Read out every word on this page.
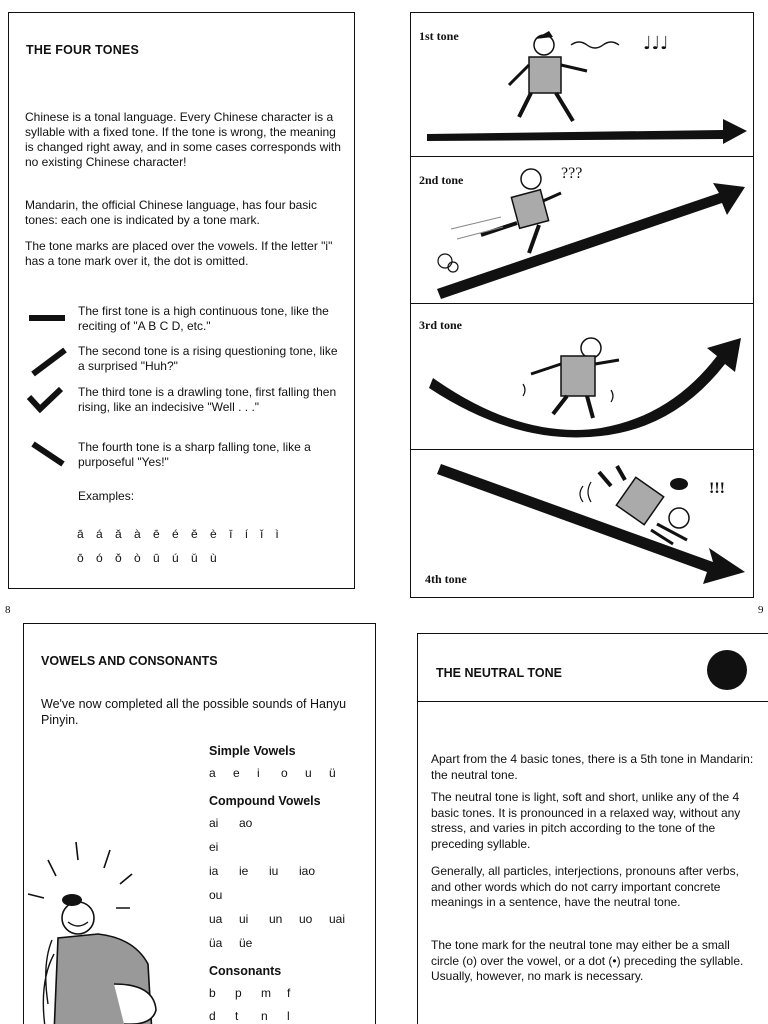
THE FOUR TONES
Chinese is a tonal language. Every Chinese character is a syllable with a fixed tone. If the tone is wrong, the meaning is changed right away, and in some cases corresponds with no existing Chinese character!
Mandarin, the official Chinese language, has four basic tones: each one is indicated by a tone mark.
The tone marks are placed over the vowels. If the letter "i" has a tone mark over it, the dot is omitted.
The first tone is a high continuous tone, like the reciting of "A B C D, etc."
The second tone is a rising questioning tone, like a surprised "Huh?"
The third tone is a drawling tone, first falling then rising, like an indecisive "Well . . ."
The fourth tone is a sharp falling tone, like a purposeful "Yes!"
Examples:
ā á ǎ à ē é ě è ī í ǐ ì
ō ó ǒ ò ū ú ǔ ù
1st tone	♩♩♩
2nd tone	???
3rd tone
4th tone
!!!
8	9
VOWELS AND CONSONANTS
We've now completed all the possible sounds of Hanyu Pinyin.
Simple Vowels
a e i o u ü
Compound Vowels
ai ao
ei
ia ie iu iao
ou
ua ui un uo uai
üa üe
Consonants
b p m f
d t n l
THE NEUTRAL TONE
Apart from the 4 basic tones, there is a 5th tone in Mandarin: the neutral tone.
The neutral tone is light, soft and short, unlike any of the 4 basic tones. It is pronounced in a relaxed way, without any stress, and varies in pitch according to the tone of the preceding syllable.
Generally, all particles, interjections, pronouns after verbs, and other words which do not carry important concrete meanings in a sentence, have the neutral tone.
The tone mark for the neutral tone may either be a small circle (o) over the vowel, or a dot (•) preceding the syllable. Usually, however, no mark is necessary.
